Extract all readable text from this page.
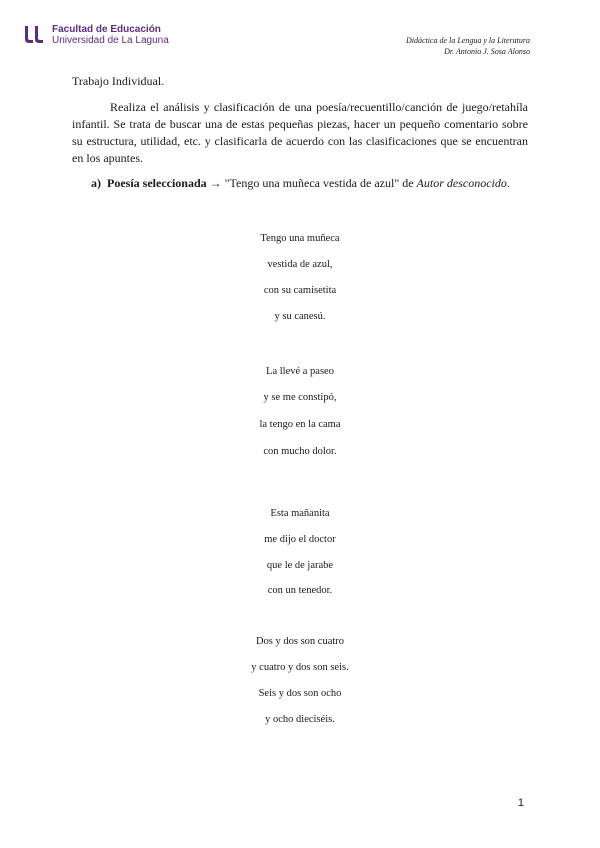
Facultad de Educación
Universidad de La Laguna	Didáctica de la Lengua y la Literatura
Dr. Antonio J. Sosa Alonso
Trabajo Individual.

Realiza el análisis y clasificación de una poesía/recuentillo/canción de juego/retahíla infantil. Se trata de buscar una de estas pequeñas piezas, hacer un pequeño comentario sobre su estructura, utilidad, etc. y clasificarla de acuerdo con las clasificaciones que se encuentran en los apuntes.

a) Poesía seleccionada → "Tengo una muñeca vestida de azul" de Autor desconocido.
Tengo una muñeca
vestida de azul,
con su camisetita
y su canesú.
La llevé a paseo
y se me constipó,
la tengo en la cama
con mucho dolor.
Esta mañanita
me dijo el doctor
que le de jarabe
con un tenedor.
Dos y dos son cuatro
y cuatro y dos son seis.
Seis y dos son ocho
y ocho dieciséis.
1
